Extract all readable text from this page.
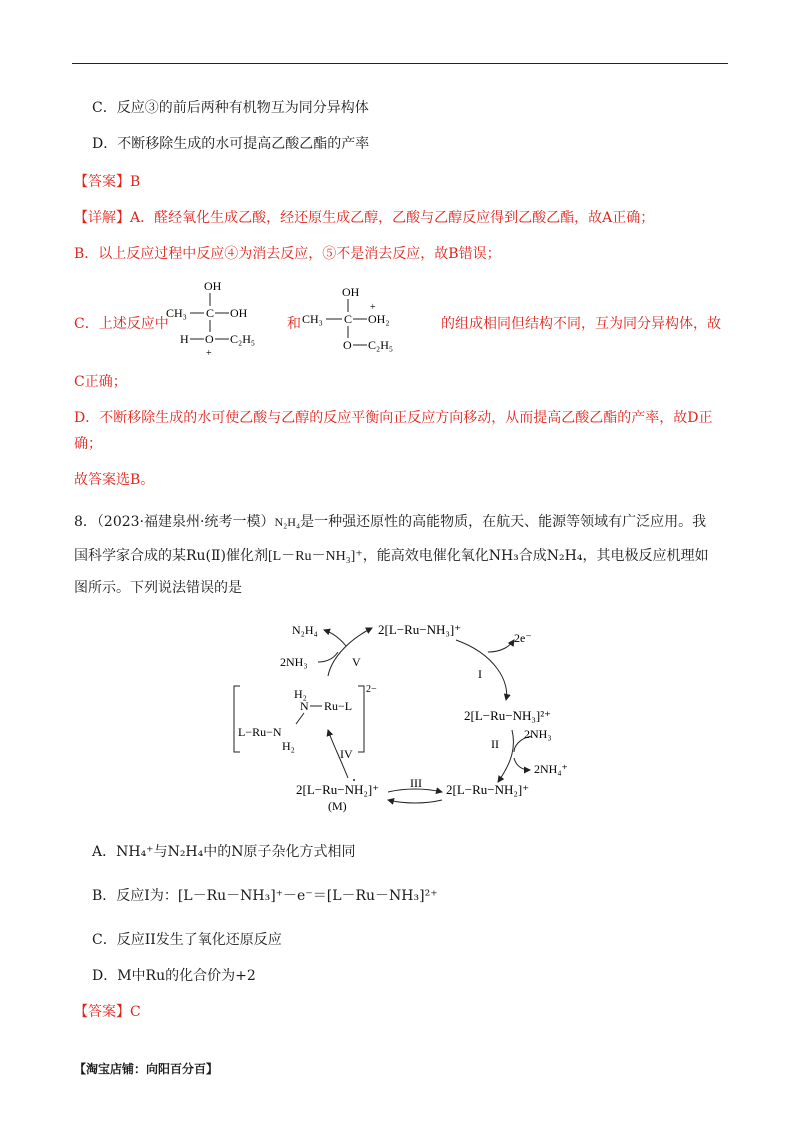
C．反应③的前后两种有机物互为同分异构体
D．不断移除生成的水可提高乙酸乙酯的产率
【答案】B
【详解】A．醛经氧化生成乙酸，经还原生成乙醇，乙酸与乙醇反应得到乙酸乙酯，故A正确；
B．以上反应过程中反应④为消去反应，⑤不是消去反应，故B错误；
C．上述反应中	和	的组成相同但结构不同，互为同分异构体，故
OH
CH₃ C OH
H O C₂H₅
+
OH
CH₃ C OH₂
+
O C₂H₅
C正确；
D．不断移除生成的水可使乙酸与乙醇的反应平衡向正反应方向移动，从而提高乙酸乙酯的产率，故D正
确；
故答案选B。
8．（2023·福建泉州·统考一模）N₂H₄是一种强还原性的高能物质，在航天、能源等领域有广泛应用。我
国科学家合成的某Ru(Ⅱ)催化剂[L－Ru－NH₃]⁺，能高效电催化氧化NH₃合成N₂H₄，其电极反应机理如
图所示。下列说法错误的是
2[L−Ru−NH₃]⁺
2e⁻
I
2[L−Ru−NH₃]²⁺
2NH₃
2NH₄⁺
II
2[L−Ru−NH₂]⁺
III
2[L−Ru−NH₂]⁺
(M)
IV
2−
H₂
N Ru−L
L−Ru−N
H₂
N₂H₄
2NH₃	V
A．NH₄⁺与N₂H₄中的N原子杂化方式相同
B．反应I为：[L－Ru－NH₃]⁺－e⁻＝[L－Ru－NH₃]²⁺
C．反应II发生了氧化还原反应
D．M中Ru的化合价为+2
【答案】C
【淘宝店铺：向阳百分百】
